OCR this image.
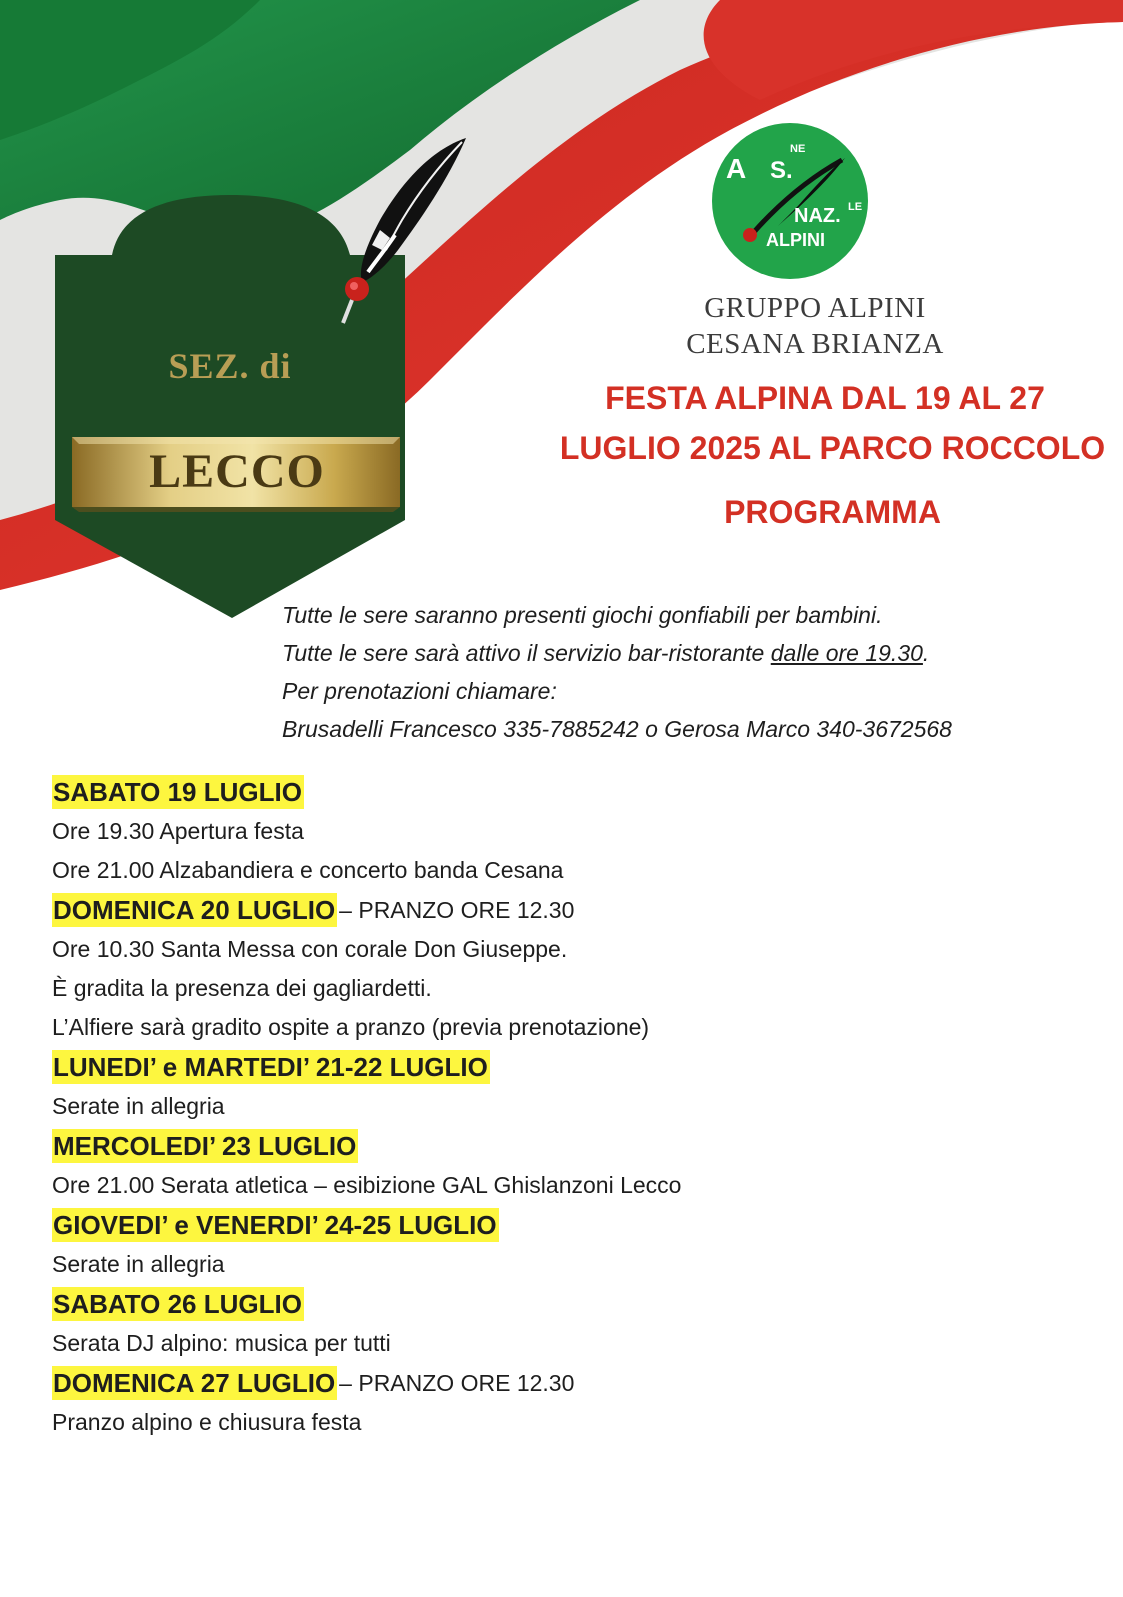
A S.
NE
NAZ. LE
ALPINI
SEZ. di
LECCO
GRUPPO ALPINI
CESANA BRIANZA
FESTA ALPINA DAL 19 AL 27
LUGLIO 2025 AL PARCO ROCCOLO
PROGRAMMA
Tutte le sere saranno presenti giochi gonfiabili per bambini.
Tutte le sere sarà attivo il servizio bar-ristorante dalle ore 19.30.
Per prenotazioni chiamare:
Brusadelli Francesco 335-7885242 o Gerosa Marco 340-3672568
SABATO 19 LUGLIO
Ore 19.30 Apertura festa
Ore 21.00 Alzabandiera e concerto banda Cesana
DOMENICA 20 LUGLIO – PRANZO ORE 12.30
Ore 10.30 Santa Messa con corale Don Giuseppe.
È gradita la presenza dei gagliardetti.
L’Alfiere sarà gradito ospite a pranzo (previa prenotazione)
LUNEDI’ e MARTEDI’ 21-22 LUGLIO
Serate in allegria
MERCOLEDI’ 23 LUGLIO
Ore 21.00 Serata atletica – esibizione GAL Ghislanzoni Lecco
GIOVEDI’ e VENERDI’ 24-25 LUGLIO
Serate in allegria
SABATO 26 LUGLIO
Serata DJ alpino: musica per tutti
DOMENICA 27 LUGLIO – PRANZO ORE 12.30
Pranzo alpino e chiusura festa
